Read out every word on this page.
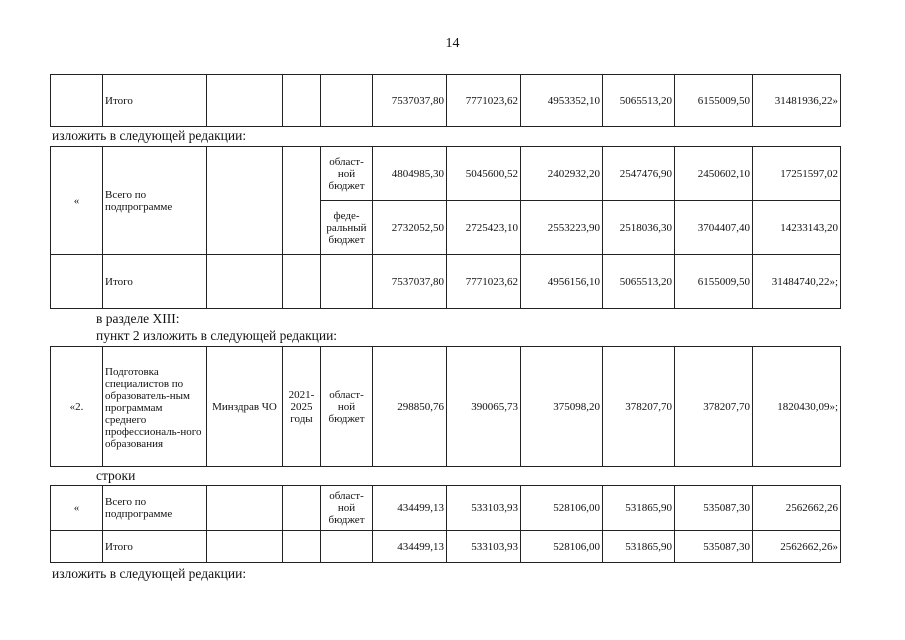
14
	Итого				7537037,80	7771023,62	4953352,10	5065513,20	6155009,50	31481936,22»
изложить в следующей редакции:
«	Всего по подпрограмме			област-ной бюджет	4804985,30	5045600,52	2402932,20	2547476,90	2450602,10	17251597,02
				феде-ральный бюджет	2732052,50	2725423,10	2553223,90	2518036,30	3704407,40	14233143,20
	Итого				7537037,80	7771023,62	4956156,10	5065513,20	6155009,50	31484740,22»;
в разделе XIII:
пункт 2 изложить в следующей редакции:
«2.	Подготовка специалистов по образователь-ным программам среднего профессиональ-ного образования	Минздрав ЧО	2021-2025 годы	област-ной бюджет	298850,76	390065,73	375098,20	378207,70	378207,70	1820430,09»;
строки
«	Всего по подпрограмме			област-ной бюджет	434499,13	533103,93	528106,00	531865,90	535087,30	2562662,26
	Итого				434499,13	533103,93	528106,00	531865,90	535087,30	2562662,26»
изложить в следующей редакции:
